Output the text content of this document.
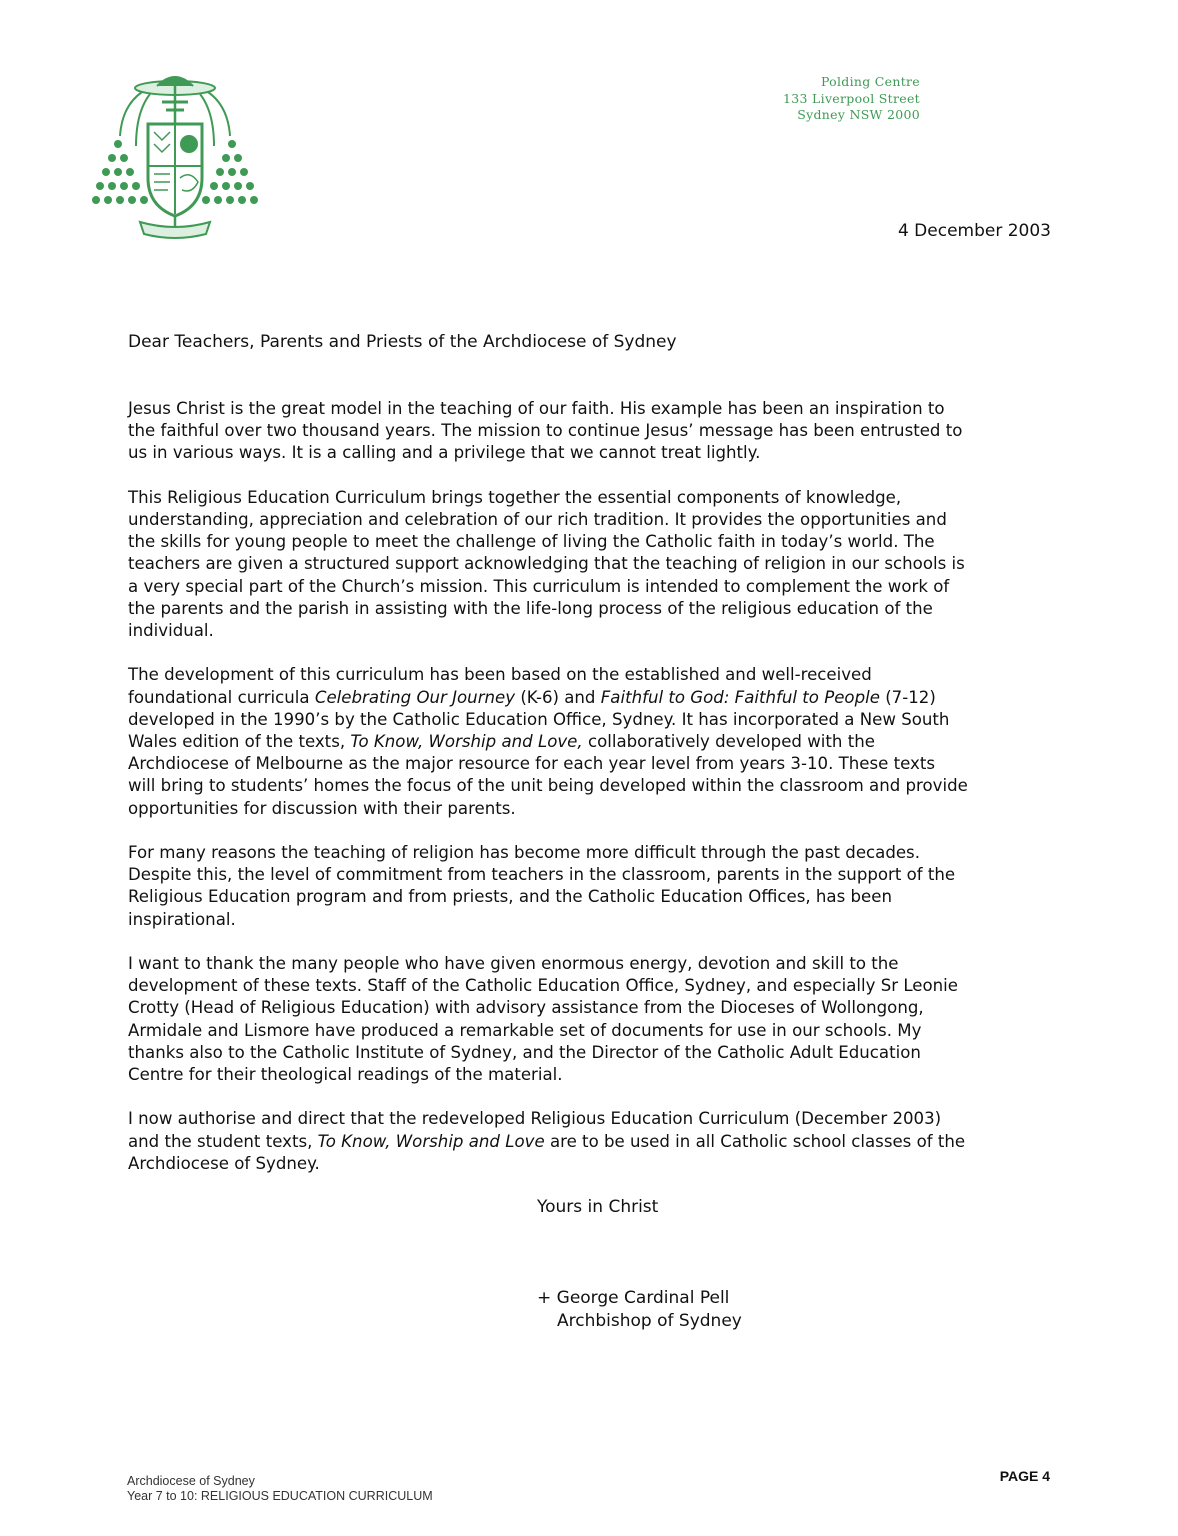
Polding Centre
133 Liverpool Street
Sydney NSW 2000
4 December 2003
Dear Teachers, Parents and Priests of the Archdiocese of Sydney
Jesus Christ is the great model in the teaching of our faith. His example has been an inspiration to
the faithful over two thousand years. The mission to continue Jesus’ message has been entrusted to
us in various ways. It is a calling and a privilege that we cannot treat lightly.
This Religious Education Curriculum brings together the essential components of knowledge,
understanding, appreciation and celebration of our rich tradition. It provides the opportunities and
the skills for young people to meet the challenge of living the Catholic faith in today’s world. The
teachers are given a structured support acknowledging that the teaching of religion in our schools is
a very special part of the Church’s mission. This curriculum is intended to complement the work of
the parents and the parish in assisting with the life-long process of the religious education of the
individual.
The development of this curriculum has been based on the established and well-received
foundational curricula Celebrating Our Journey (K-6) and Faithful to God: Faithful to People (7-12)
developed in the 1990’s by the Catholic Education Office, Sydney. It has incorporated a New South
Wales edition of the texts, To Know, Worship and Love, collaboratively developed with the
Archdiocese of Melbourne as the major resource for each year level from years 3-10. These texts
will bring to students’ homes the focus of the unit being developed within the classroom and provide
opportunities for discussion with their parents.
For many reasons the teaching of religion has become more difficult through the past decades.
Despite this, the level of commitment from teachers in the classroom, parents in the support of the
Religious Education program and from priests, and the Catholic Education Offices, has been
inspirational.
I want to thank the many people who have given enormous energy, devotion and skill to the
development of these texts. Staff of the Catholic Education Office, Sydney, and especially Sr Leonie
Crotty (Head of Religious Education) with advisory assistance from the Dioceses of Wollongong,
Armidale and Lismore have produced a remarkable set of documents for use in our schools. My
thanks also to the Catholic Institute of Sydney, and the Director of the Catholic Adult Education
Centre for their theological readings of the material.
I now authorise and direct that the redeveloped Religious Education Curriculum (December 2003)
and the student texts, To Know, Worship and Love are to be used in all Catholic school classes of the
Archdiocese of Sydney.
Yours in Christ
+ George Cardinal Pell
Archbishop of Sydney
Archdiocese of Sydney
Year 7 to 10: RELIGIOUS EDUCATION CURRICULUM
PAGE 4
